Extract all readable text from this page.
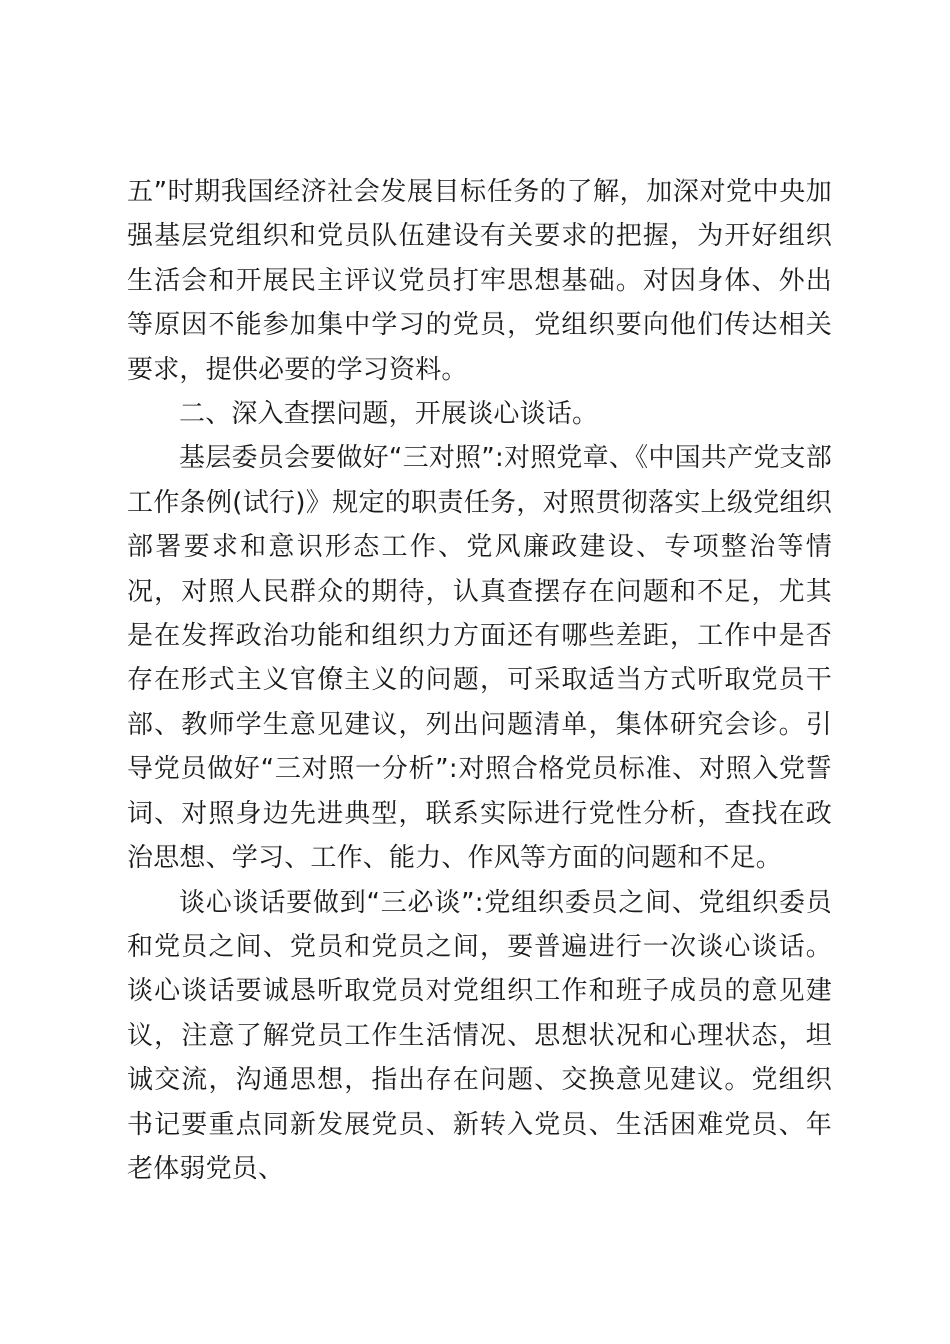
五”时期我国经济社会发展目标任务的了解，加深对党中央加强基层党组织和党员队伍建设有关要求的把握，为开好组织生活会和开展民主评议党员打牢思想基础。对因身体、外出等原因不能参加集中学习的党员，党组织要向他们传达相关要求，提供必要的学习资料。

二、深入查摆问题，开展谈心谈话。

基层委员会要做好“三对照”:对照党章、《中国共产党支部工作条例(试行)》规定的职责任务，对照贯彻落实上级党组织部署要求和意识形态工作、党风廉政建设、专项整治等情况，对照人民群众的期待，认真查摆存在问题和不足，尤其是在发挥政治功能和组织力方面还有哪些差距，工作中是否存在形式主义官僚主义的问题，可采取适当方式听取党员干部、教师学生意见建议，列出问题清单，集体研究会诊。引导党员做好“三对照一分析”:对照合格党员标准、对照入党誓词、对照身边先进典型，联系实际进行党性分析，查找在政治思想、学习、工作、能力、作风等方面的问题和不足。

谈心谈话要做到“三必谈”:党组织委员之间、党组织委员和党员之间、党员和党员之间，要普遍进行一次谈心谈话。谈心谈话要诚恳听取党员对党组织工作和班子成员的意见建议，注意了解党员工作生活情况、思想状况和心理状态，坦诚交流，沟通思想，指出存在问题、交换意见建议。党组织书记要重点同新发展党员、新转入党员、生活困难党员、年老体弱党员、
